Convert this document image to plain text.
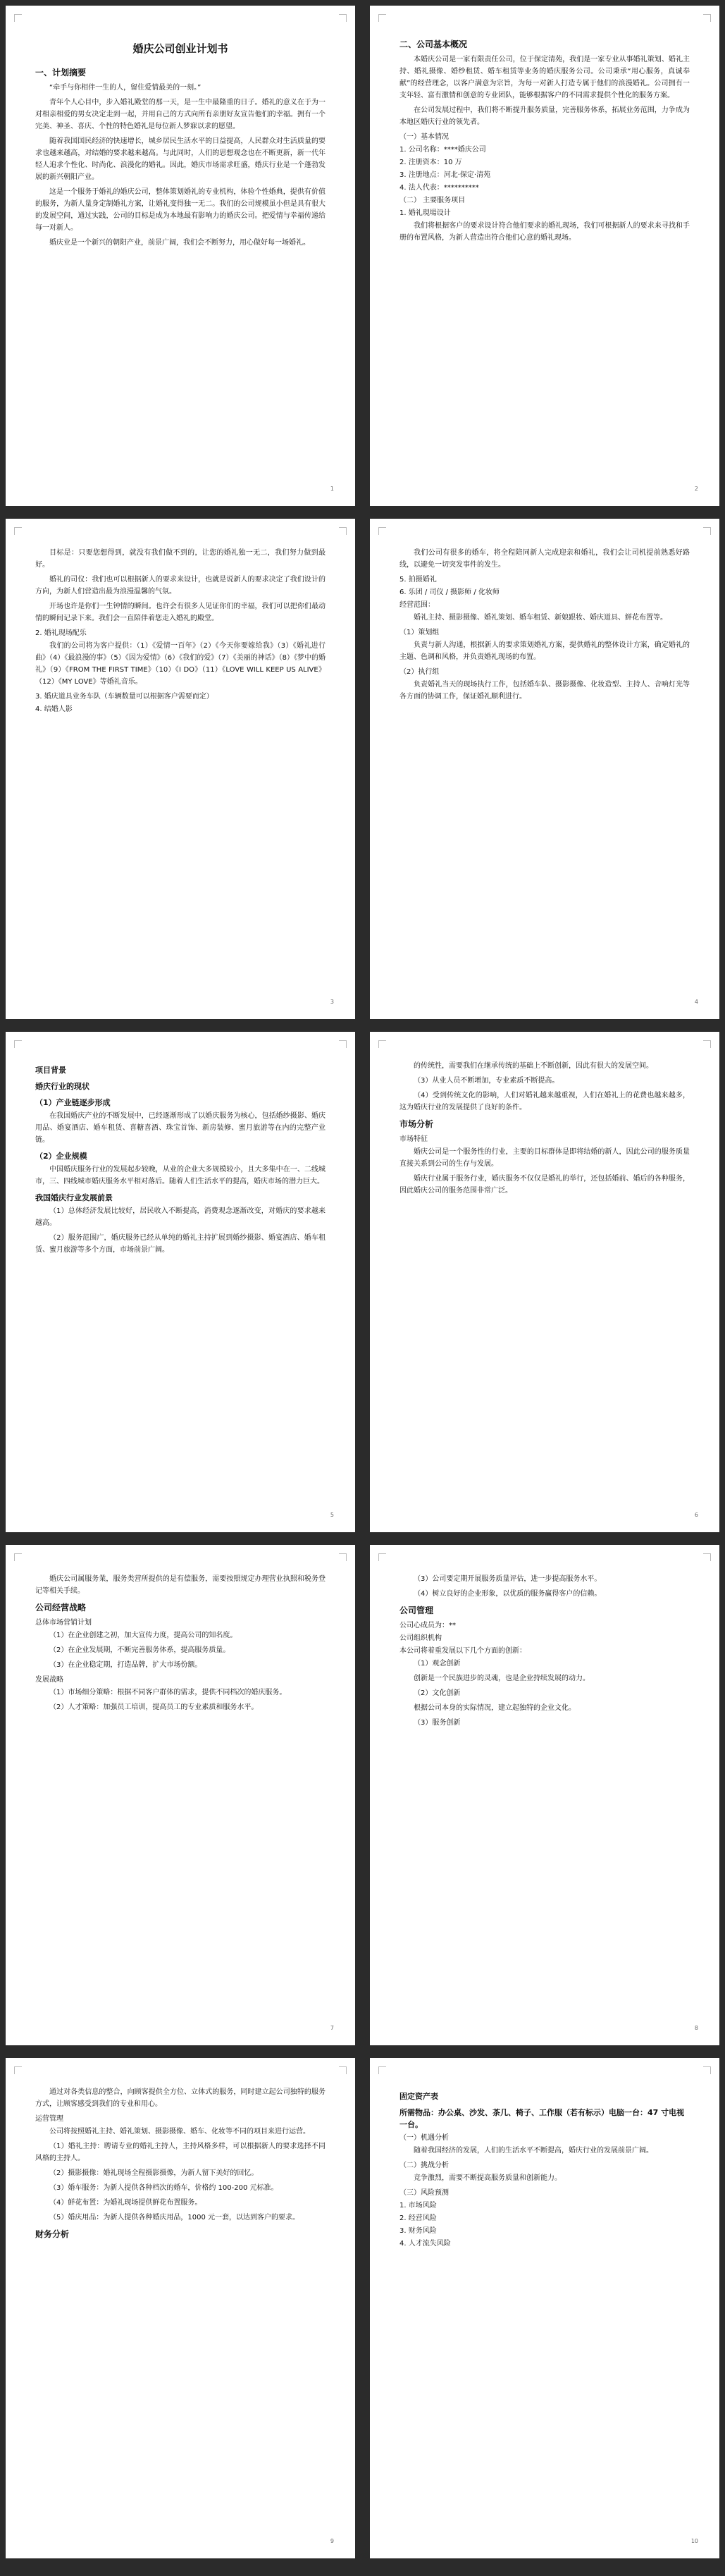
婚庆公司创业计划书
一、计划摘要
“牵手与你相伴一生的人，留住爱情最美的一刻。”
青年个人心目中，步入婚礼殿堂的那一天，是一生中最隆重的日子。婚礼的意义在于为一对相亲相爱的男女决定走到一起，并用自己的方式向所有亲朋好友宣告他们的幸福。拥有一个完美、神圣、喜庆、个性的特色婚礼是每位新人梦寐以求的愿望。
随着我国国民经济的快速增长，城乡居民生活水平的日益提高，人民群众对生活质量的要求也越来越高，对结婚的要求越来越高。与此同时，人们的思想观念也在不断更新，新一代年轻人追求个性化、时尚化、浪漫化的婚礼。因此，婚庆市场需求旺盛，婚庆行业是一个蓬勃发展的新兴朝阳产业。
这是一个服务于婚礼的婚庆公司，整体策划婚礼的专业机构，体验个性婚典，提供有价值的服务，为新人量身定制婚礼方案，让婚礼变得独一无二。我们的公司规模虽小但是具有很大的发展空间，通过实践，公司的目标是成为本地最有影响力的婚庆公司。把爱情与幸福传递给每一对新人。
婚庆业是一个新兴的朝阳产业，前景广阔，我们会不断努力，用心做好每一场婚礼。
1
二、公司基本概况
本婚庆公司是一家有限责任公司，位于保定清苑，我们是一家专业从事婚礼策划、婚礼主持、婚礼摄像、婚纱租赁、婚车租赁等业务的婚庆服务公司。公司秉承“用心服务，真诚奉献”的经营理念，以客户满意为宗旨，为每一对新人打造专属于他们的浪漫婚礼。公司拥有一支年轻、富有激情和创意的专业团队，能够根据客户的不同需求提供个性化的服务方案。
在公司发展过程中，我们将不断提升服务质量，完善服务体系，拓展业务范围，力争成为本地区婚庆行业的领先者。
（一）基本情况
1. 公司名称：****婚庆公司
2. 注册资本：10 万
3. 注册地点：河北·保定·清苑
4. 法人代表：**********
（二） 主要服务项目
1. 婚礼現場设计
我们将根据客户的要求设计符合他们要求的婚礼现场，我们可根据新人的要求来寻找和手册的布置风格，为新人营造出符合他们心意的婚礼现场。
2
目标是：只要您想得到，就没有我们做不到的，让您的婚礼独一无二，我们努力做到最好。
婚礼的司仪：我们也可以根据新人的要求来设计，也就是说新人的要求决定了我们设计的方向，为新人们营造出最为浪漫温馨的气氛。
开场也许是你们一生钟情的瞬间。也许会有很多人见证你们的幸福，我们可以把你们最动情的瞬间记录下来。我们会一直陪伴着您走入婚礼的殿堂。
2. 婚礼现场配乐
我们的公司将为客户提供：（1）《爱情一百年》（2）《今天你要嫁给我》（3）《婚礼进行曲》（4）《最浪漫的事》（5）《因为爱情》（6）《我们的爱》（7）《美丽的神话》（8）《梦中的婚礼》（9）《FROM THE FIRST TIME》（10）《I DO》（11）《LOVE WILL KEEP US ALIVE》（12）《MY LOVE》等婚礼音乐。
3. 婚庆道具业务车队（车辆数量可以根据客户需要而定）
4. 结婚人影
3
我们公司有很多的婚车，将全程陪同新人完成迎亲和婚礼，我们会让司机提前熟悉好路线，以避免一切突发事件的发生。
5. 拍摄婚礼
6. 乐团 / 司仪 / 摄影师 / 化妆师
经营范围：
婚礼主持、摄影摄像、婚礼策划、婚车租赁、新娘跟妆、婚庆道具、鲜花布置等。
（1）策划组
负责与新人沟通，根据新人的要求策划婚礼方案，提供婚礼的整体设计方案，确定婚礼的主题、色调和风格，并负责婚礼现场的布置。
（2）执行组
负责婚礼当天的现场执行工作，包括婚车队、摄影摄像、化妆造型、主持人、音响灯光等各方面的协调工作，保证婚礼顺利进行。
4
项目背景
婚庆行业的现状
（1）产业链逐步形成
在我国婚庆产业的不断发展中，已经逐渐形成了以婚庆服务为核心，包括婚纱摄影、婚庆用品、婚宴酒店、婚车租赁、喜糖喜酒、珠宝首饰、新房装修、蜜月旅游等在内的完整产业链。
（2）企业规模
中国婚庆服务行业的发展起步较晚，从业的企业大多规模较小，且大多集中在一、二线城市，三、四线城市婚庆服务水平相对落后。随着人们生活水平的提高，婚庆市场的潜力巨大。
我国婚庆行业发展前景
（1）总体经济发展比较好，居民收入不断提高，消费观念逐渐改变，对婚庆的要求越来越高。
（2）服务范围广，婚庆服务已经从单纯的婚礼主持扩展到婚纱摄影、婚宴酒店、婚车租赁、蜜月旅游等多个方面，市场前景广阔。
5
的传统性，需要我们在继承传统的基础上不断创新，因此有很大的发展空间。
（3）从业人员不断增加，专业素质不断提高。
（4）受到传统文化的影响，人们对婚礼越来越重视，人们在婚礼上的花费也越来越多，这为婚庆行业的发展提供了良好的条件。
市场分析
市场特征
婚庆公司是一个服务性的行业，主要的目标群体是即将结婚的新人，因此公司的服务质量直接关系到公司的生存与发展。
婚庆行业属于服务行业，婚庆服务不仅仅是婚礼的举行，还包括婚前、婚后的各种服务，因此婚庆公司的服务范围非常广泛。
6
婚庆公司属服务業，服务类营所提供的是有偿服务，需要按照规定办理营业执照和税务登记等相关手续。
公司经营战略
总体市场营销计划
（1）在企业创建之初，加大宣传力度，提高公司的知名度。
（2）在企业发展期，不断完善服务体系，提高服务质量。
（3）在企业稳定期，打造品牌，扩大市场份额。
发展战略
（1）市场细分策略：根据不同客户群体的需求，提供不同档次的婚庆服务。
（2）人才策略：加强员工培训，提高员工的专业素质和服务水平。
7
（3）公司要定期开展服务质量评估，进一步提高服务水平。
（4）树立良好的企业形象，以优质的服务赢得客户的信赖。
公司管理
公司心成员为：**
公司组织机构
本公司将着重发展以下几个方面的创新：
（1）观念创新
创新是一个民族进步的灵魂，也是企业持续发展的动力。
（2）文化创新
根据公司本身的实际情况，建立起独特的企业文化。
（3）服务创新
8
通过对各类信息的整合，向顾客提供全方位、立体式的服务，同时建立起公司独特的服务方式，让顾客感受到我们的专业和用心。
运营管理
公司将按照婚礼主持、婚礼策划、摄影摄像、婚车、化妆等不同的项目来进行运营。
（1）婚礼主持：聘请专业的婚礼主持人，主持风格多样，可以根据新人的要求选择不同风格的主持人。
（2）摄影摄像：婚礼现场全程摄影摄像，为新人留下美好的回忆。
（3）婚车服务：为新人提供各种档次的婚车，价格约 100-200 元标准。
（4）鲜花布置：为婚礼现场提供鲜花布置服务。
（5）婚庆用品：为新人提供各种婚庆用品，1000 元一套，以达到客户的要求。
财务分析
9
固定资产表
所需物品：办公桌、沙发、茶几、椅子、工作服（若有标示）电脑一台：47 寸电视一台。
（一）机遇分析
随着我国经济的发展，人们的生活水平不断提高，婚庆行业的发展前景广阔。
（二）挑战分析
竞争激烈，需要不断提高服务质量和创新能力。
（三）风险预测
1. 市场风险
2. 经营风险
3. 财务风险
4. 人才流失风险
10
